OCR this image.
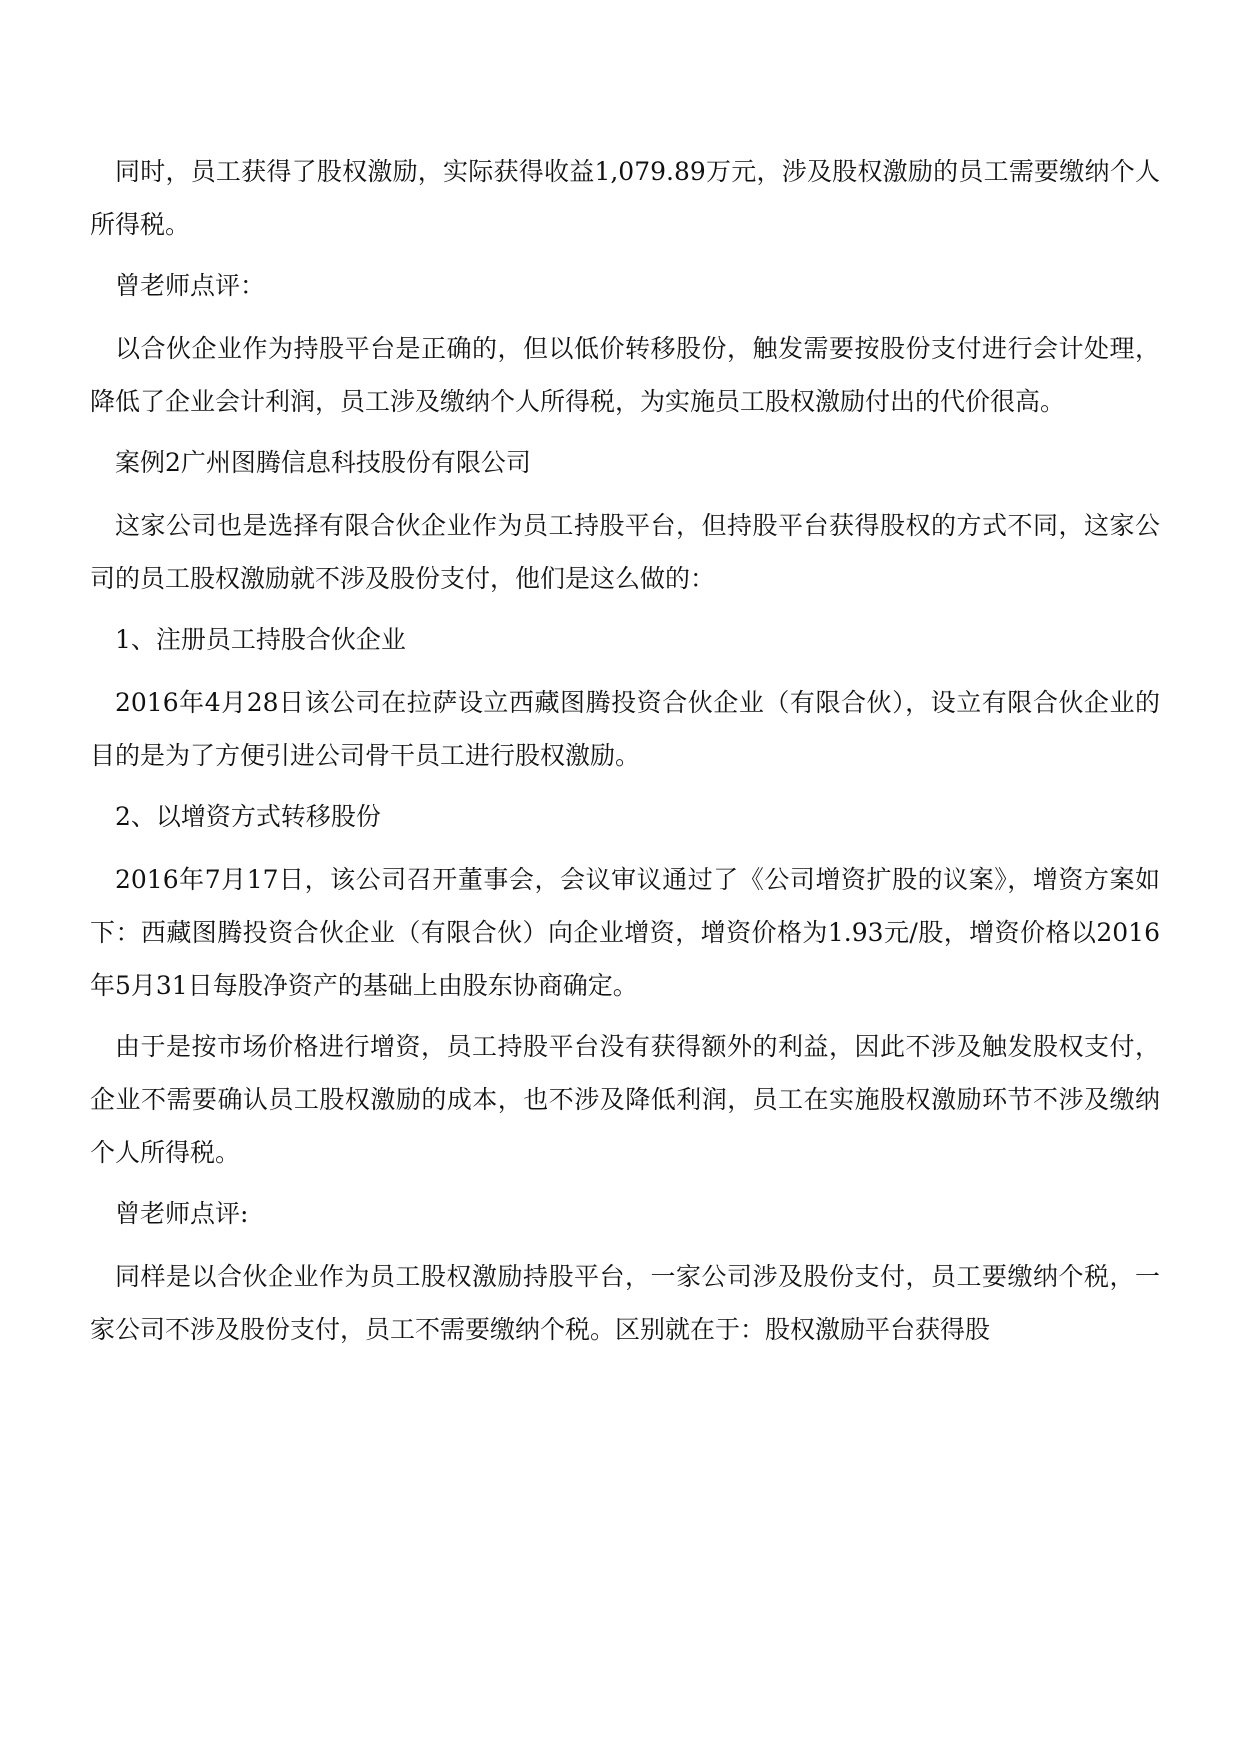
同时，员工获得了股权激励，实际获得收益1,079.89万元，涉及股权激励的员工需要缴纳个人所得税。

曾老师点评：

以合伙企业作为持股平台是正确的，但以低价转移股份，触发需要按股份支付进行会计处理，降低了企业会计利润，员工涉及缴纳个人所得税，为实施员工股权激励付出的代价很高。

案例2广州图腾信息科技股份有限公司

这家公司也是选择有限合伙企业作为员工持股平台，但持股平台获得股权的方式不同，这家公司的员工股权激励就不涉及股份支付，他们是这么做的：

1、注册员工持股合伙企业

2016年4月28日该公司在拉萨设立西藏图腾投资合伙企业（有限合伙），设立有限合伙企业的目的是为了方便引进公司骨干员工进行股权激励。

2、以增资方式转移股份

2016年7月17日，该公司召开董事会，会议审议通过了《公司增资扩股的议案》，增资方案如下：西藏图腾投资合伙企业（有限合伙）向企业增资，增资价格为1.93元/股，增资价格以2016年5月31日每股净资产的基础上由股东协商确定。

由于是按市场价格进行增资，员工持股平台没有获得额外的利益，因此不涉及触发股权支付，企业不需要确认员工股权激励的成本，也不涉及降低利润，员工在实施股权激励环节不涉及缴纳个人所得税。

曾老师点评:

同样是以合伙企业作为员工股权激励持股平台，一家公司涉及股份支付，员工要缴纳个税，一家公司不涉及股份支付，员工不需要缴纳个税。区别就在于：股权激励平台获得股
